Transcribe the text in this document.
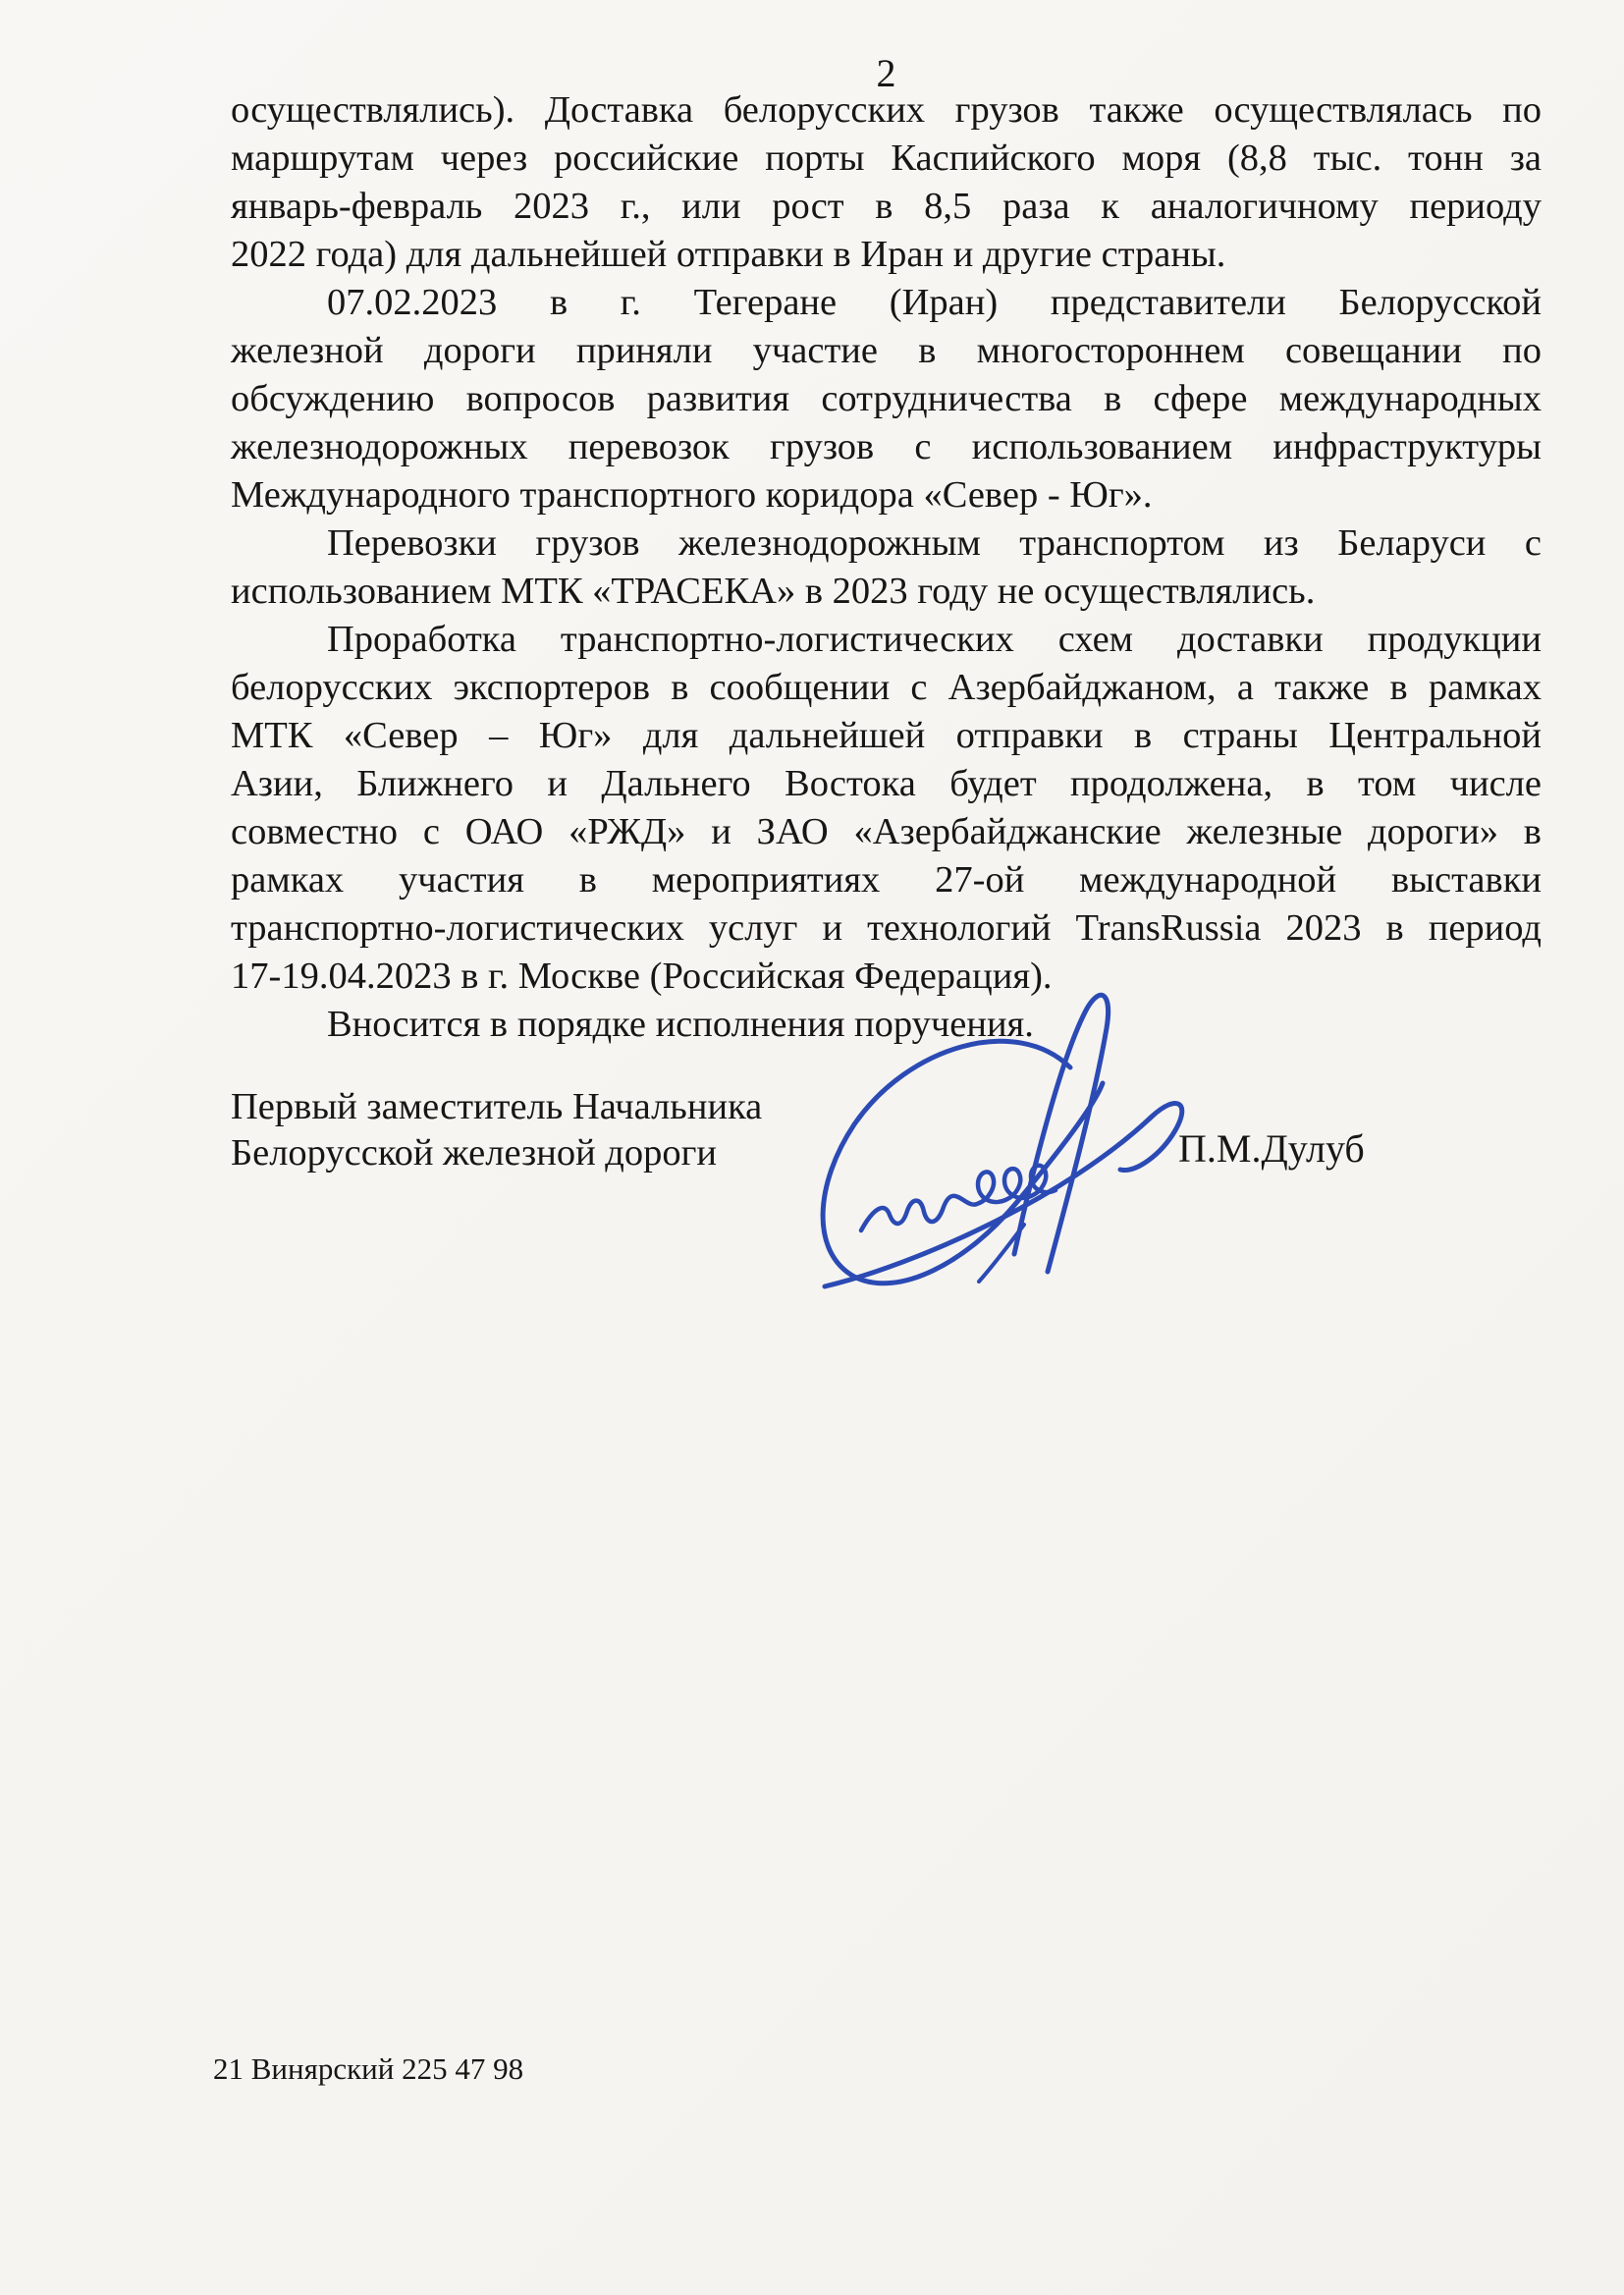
2
осуществлялись). Доставка белорусских грузов также осуществлялась по
маршрутам через российские порты Каспийского моря (8,8 тыс. тонн за
январь-февраль 2023 г., или рост в 8,5 раза к аналогичному периоду
2022 года) для дальнейшей отправки в Иран и другие страны.
07.02.2023 в г. Тегеране (Иран) представители Белорусской
железной дороги приняли участие в многостороннем совещании по
обсуждению вопросов развития сотрудничества в сфере международных
железнодорожных перевозок грузов с использованием инфраструктуры
Международного транспортного коридора «Север - Юг».
Перевозки грузов железнодорожным транспортом из Беларуси с
использованием МТК «ТРАСЕКА» в 2023 году не осуществлялись.
Проработка транспортно-логистических схем доставки продукции
белорусских экспортеров в сообщении с Азербайджаном, а также в рамках
МТК «Север – Юг» для дальнейшей отправки в страны Центральной
Азии, Ближнего и Дальнего Востока будет продолжена, в том числе
совместно с ОАО «РЖД» и ЗАО «Азербайджанские железные дороги» в
рамках участия в мероприятиях 27-ой международной выставки
транспортно-логистических услуг и технологий TransRussia 2023 в период
17-19.04.2023 в г. Москве (Российская Федерация).
Вносится в порядке исполнения поручения.
Первый заместитель Начальника
Белорусской железной дороги	П.М.Дулуб
21 Винярский 225 47 98
